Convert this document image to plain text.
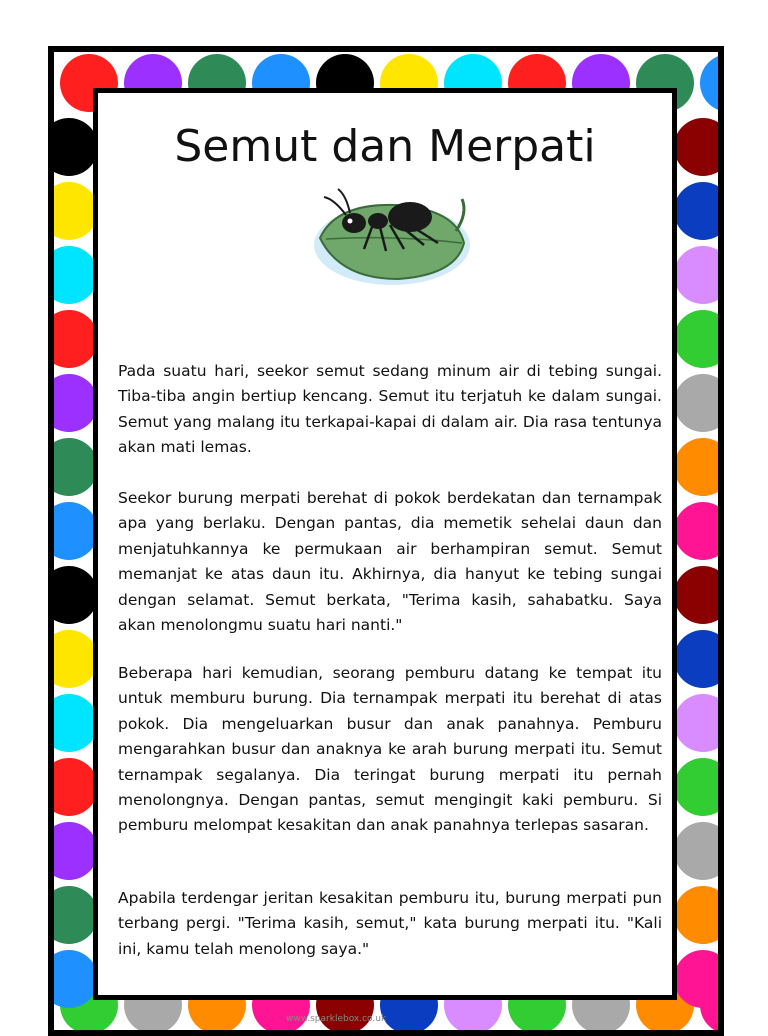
Semut dan Merpati

Pada suatu hari, seekor semut sedang minum air di tebing sungai. Tiba-tiba angin bertiup kencang. Semut itu terjatuh ke dalam sungai. Semut yang malang itu terkapai-kapai di dalam air. Dia rasa tentunya akan mati lemas.

Seekor burung merpati berehat di pokok berdekatan dan ternampak apa yang berlaku. Dengan pantas, dia memetik sehelai daun dan menjatuhkannya ke permukaan air berhampiran semut. Semut memanjat ke atas daun itu. Akhirnya, dia hanyut ke tebing sungai dengan selamat. Semut berkata, "Terima kasih, sahabatku. Saya akan menolongmu suatu hari nanti."

Beberapa hari kemudian, seorang pemburu datang ke tempat itu untuk memburu burung. Dia ternampak merpati itu berehat di atas pokok. Dia mengeluarkan busur dan anak panahnya. Pemburu mengarahkan busur dan anaknya ke arah burung merpati itu. Semut ternampak segalanya. Dia teringat burung merpati itu pernah menolongnya. Dengan pantas, semut mengingit kaki pemburu. Si pemburu melompat kesakitan dan anak panahnya terlepas sasaran.

Apabila terdengar jeritan kesakitan pemburu itu, burung merpati pun terbang pergi. "Terima kasih, semut," kata burung merpati itu. "Kali ini, kamu telah menolong saya."

www.sparklebox.co.uk
